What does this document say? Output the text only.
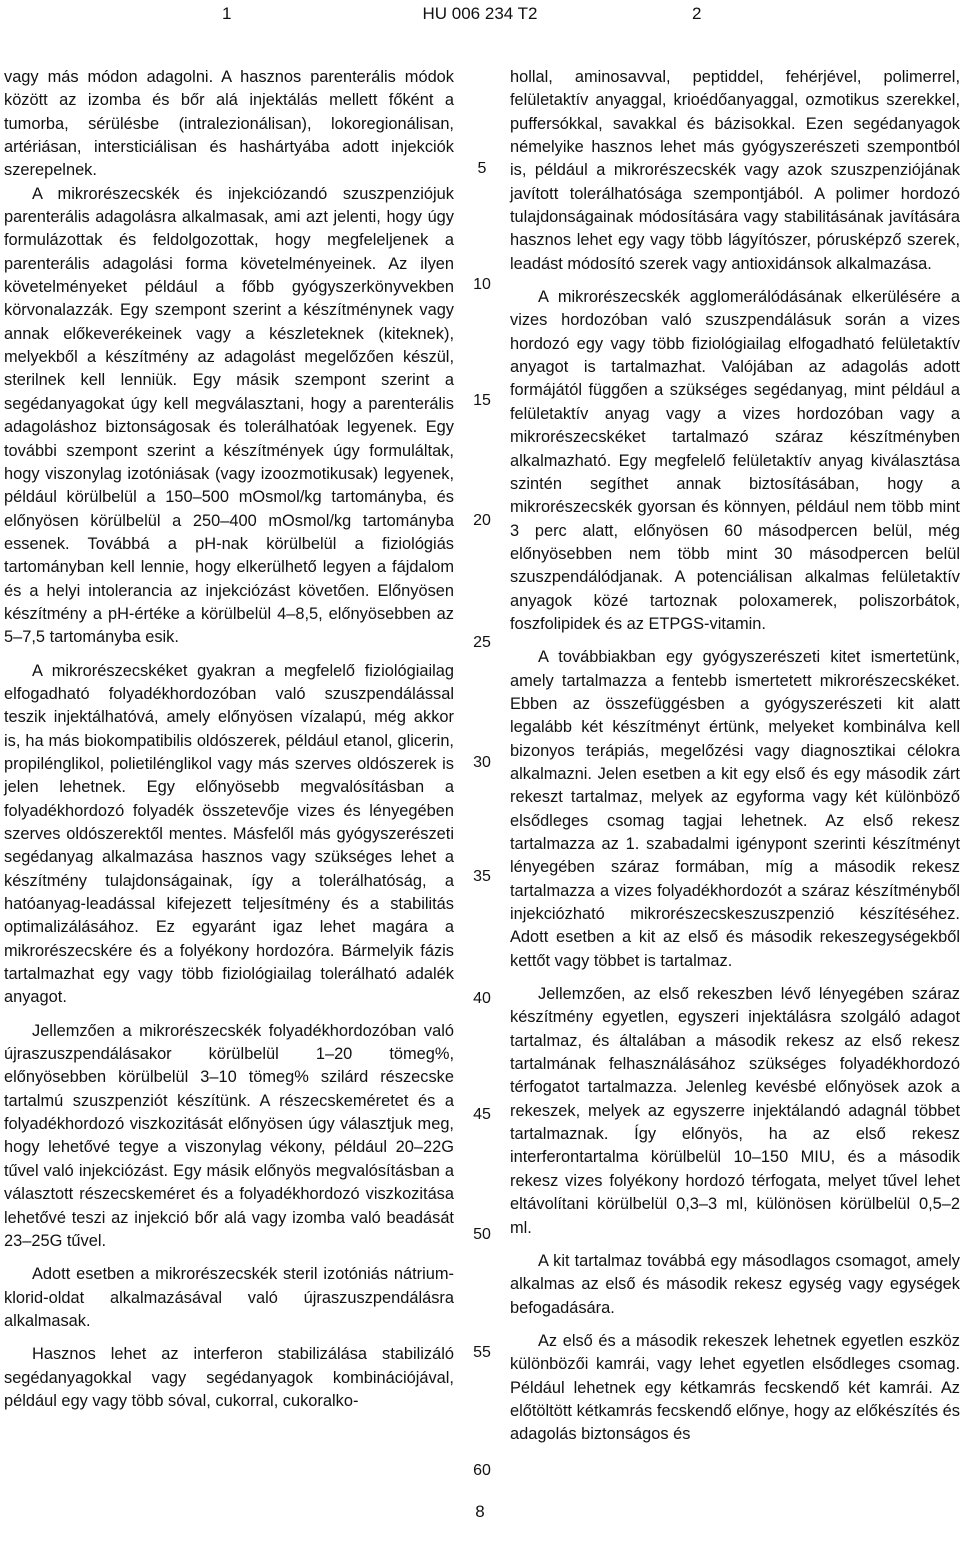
1	HU 006 234 T2	2

vagy más módon adagolni. A hasznos parenterális módok között az izomba és bőr alá injektálás mellett főként a tumorba, sérülésbe (intralezionálisan), lokoregionálisan, artériásan, intersticiálisan és hashártyába adott injekciók szerepelnek.

A mikrorészecskék és injekciózandó szuszpenziójuk parenterális adagolásra alkalmasak, ami azt jelenti, hogy úgy formulázottak és feldolgozottak, hogy megfeleljenek a parenterális adagolási forma követelményeinek. Az ilyen követelményeket például a főbb gyógyszerkönyvekben körvonalazzák. Egy szempont szerint a készítménynek vagy annak előkeverékeinek vagy a készleteknek (kiteknek), melyekből a készítmény az adagolást megelőzően készül, sterilnek kell lenniük. Egy másik szempont szerint a segédanyagokat úgy kell megválasztani, hogy a parenterális adagoláshoz biztonságosak és tolerálhatóak legyenek. Egy további szempont szerint a készítmények úgy formuláltak, hogy viszonylag izotóniásak (vagy izoozmotikusak) legyenek, például körülbelül a 150–500 mOsmol/kg tartományba, és előnyösen körülbelül a 250–400 mOsmol/kg tartományba essenek. Továbbá a pH-nak körülbelül a fiziológiás tartományban kell lennie, hogy elkerülhető legyen a fájdalom és a helyi intolerancia az injekciózást követően. Előnyösen készítmény a pH-értéke a körülbelül 4–8,5, előnyösebben az 5–7,5 tartományba esik.

A mikrorészecskéket gyakran a megfelelő fiziológiailag elfogadható folyadékhordozóban való szuszpendálással teszik injektálhatóvá, amely előnyösen vízalapú, még akkor is, ha más biokompatibilis oldószerek, például etanol, glicerin, propilénglikol, polietilénglikol vagy más szerves oldószerek is jelen lehetnek. Egy előnyösebb megvalósításban a folyadékhordozó folyadék összetevője vizes és lényegében szerves oldószerektől mentes. Másfelől más gyógyszerészeti segédanyag alkalmazása hasznos vagy szükséges lehet a készítmény tulajdonságainak, így a tolerálhatóság, a hatóanyag-leadással kifejezett teljesítmény és a stabilitás optimalizálásához. Ez egyaránt igaz lehet magára a mikrorészecskére és a folyékony hordozóra. Bármelyik fázis tartalmazhat egy vagy több fiziológiailag tolerálható adalék anyagot.

Jellemzően a mikrorészecskék folyadékhordozóban való újraszuszpendálásakor körülbelül 1–20 tömeg%, előnyösebben körülbelül 3–10 tömeg% szilárd részecske tartalmú szuszpenziót készítünk. A részecskeméretet és a folyadékhordozó viszkozitását előnyösen úgy választjuk meg, hogy lehetővé tegye a viszonylag vékony, például 20–22G tűvel való injekciózást. Egy másik előnyös megvalósításban a választott részecskeméret és a folyadékhordozó viszkozitása lehetővé teszi az injekció bőr alá vagy izomba való beadását 23–25G tűvel.

Adott esetben a mikrorészecskék steril izotóniás nátrium-klorid-oldat alkalmazásával való újraszuszpendálásra alkalmasak.

Hasznos lehet az interferon stabilizálása stabilizáló segédanyagokkal vagy segédanyagok kombinációjával, például egy vagy több sóval, cukorral, cukoralko-

hollal, aminosavval, peptiddel, fehérjével, polimerrel, felületaktív anyaggal, krioédőanyaggal, ozmotikus szerekkel, puffersókkal, savakkal és bázisokkal. Ezen segédanyagok némelyike hasznos lehet más gyógyszerészeti szempontból is, például a mikrorészecskék vagy azok szuszpenziójának javított tolerálhatósága szempontjából. A polimer hordozó tulajdonságainak módosítására vagy stabilitásának javítására hasznos lehet egy vagy több lágyítószer, pórusképző szerek, leadást módosító szerek vagy antioxidánsok alkalmazása.

A mikrorészecskék agglomerálódásának elkerülésére a vizes hordozóban való szuszpendálásuk során a vizes hordozó egy vagy több fiziológiailag elfogadható felületaktív anyagot is tartalmazhat. Valójában az adagolás adott formájától függően a szükséges segédanyag, mint például a felületaktív anyag vagy a vizes hordozóban vagy a mikrorészecskéket tartalmazó száraz készítményben alkalmazható. Egy megfelelő felületaktív anyag kiválasztása szintén segíthet annak biztosításában, hogy a mikrorészecskék gyorsan és könnyen, például nem több mint 3 perc alatt, előnyösen 60 másodpercen belül, még előnyösebben nem több mint 30 másodpercen belül szuszpendálódjanak. A potenciálisan alkalmas felületaktív anyagok közé tartoznak poloxamerek, poliszorbátok, foszfolipidek és az ETPGS-vitamin.

A továbbiakban egy gyógyszerészeti kitet ismertetünk, amely tartalmazza a fentebb ismertetett mikrorészecskéket. Ebben az összefüggésben a gyógyszerészeti kit alatt legalább két készítményt értünk, melyeket kombinálva kell bizonyos terápiás, megelőzési vagy diagnosztikai célokra alkalmazni. Jelen esetben a kit egy első és egy második zárt rekeszt tartalmaz, melyek az egyforma vagy két különböző elsődleges csomag tagjai lehetnek. Az első rekesz tartalmazza az 1. szabadalmi igénypont szerinti készítményt lényegében száraz formában, míg a második rekesz tartalmazza a vizes folyadékhordozót a száraz készítményből injekciózható mikrorészecskeszuszpenzió készítéséhez. Adott esetben a kit az első és második rekeszegységekből kettőt vagy többet is tartalmaz.

Jellemzően, az első rekeszben lévő lényegében száraz készítmény egyetlen, egyszeri injektálásra szolgáló adagot tartalmaz, és általában a második rekesz az első rekesz tartalmának felhasználásához szükséges folyadékhordozó térfogatot tartalmazza. Jelenleg kevésbé előnyösek azok a rekeszek, melyek az egyszerre injektálandó adagnál többet tartalmaznak. Így előnyös, ha az első rekesz interferontartalma körülbelül 10–150 MIU, és a második rekesz vizes folyékony hordozó térfogata, melyet tűvel lehet eltávolítani körülbelül 0,3–3 ml, különösen körülbelül 0,5–2 ml.

A kit tartalmaz továbbá egy másodlagos csomagot, amely alkalmas az első és második rekesz egység vagy egységek befogadására.

Az első és a második rekeszek lehetnek egyetlen eszköz különbözői kamrái, vagy lehet egyetlen elsődleges csomag. Például lehetnek egy kétkamrás fecskendő két kamrái. Az előtöltött kétkamrás fecskendő előnye, hogy az előkészítés és adagolás biztonságos és

5
10
15
20
25
30
35
40
45
50
55
60
8
